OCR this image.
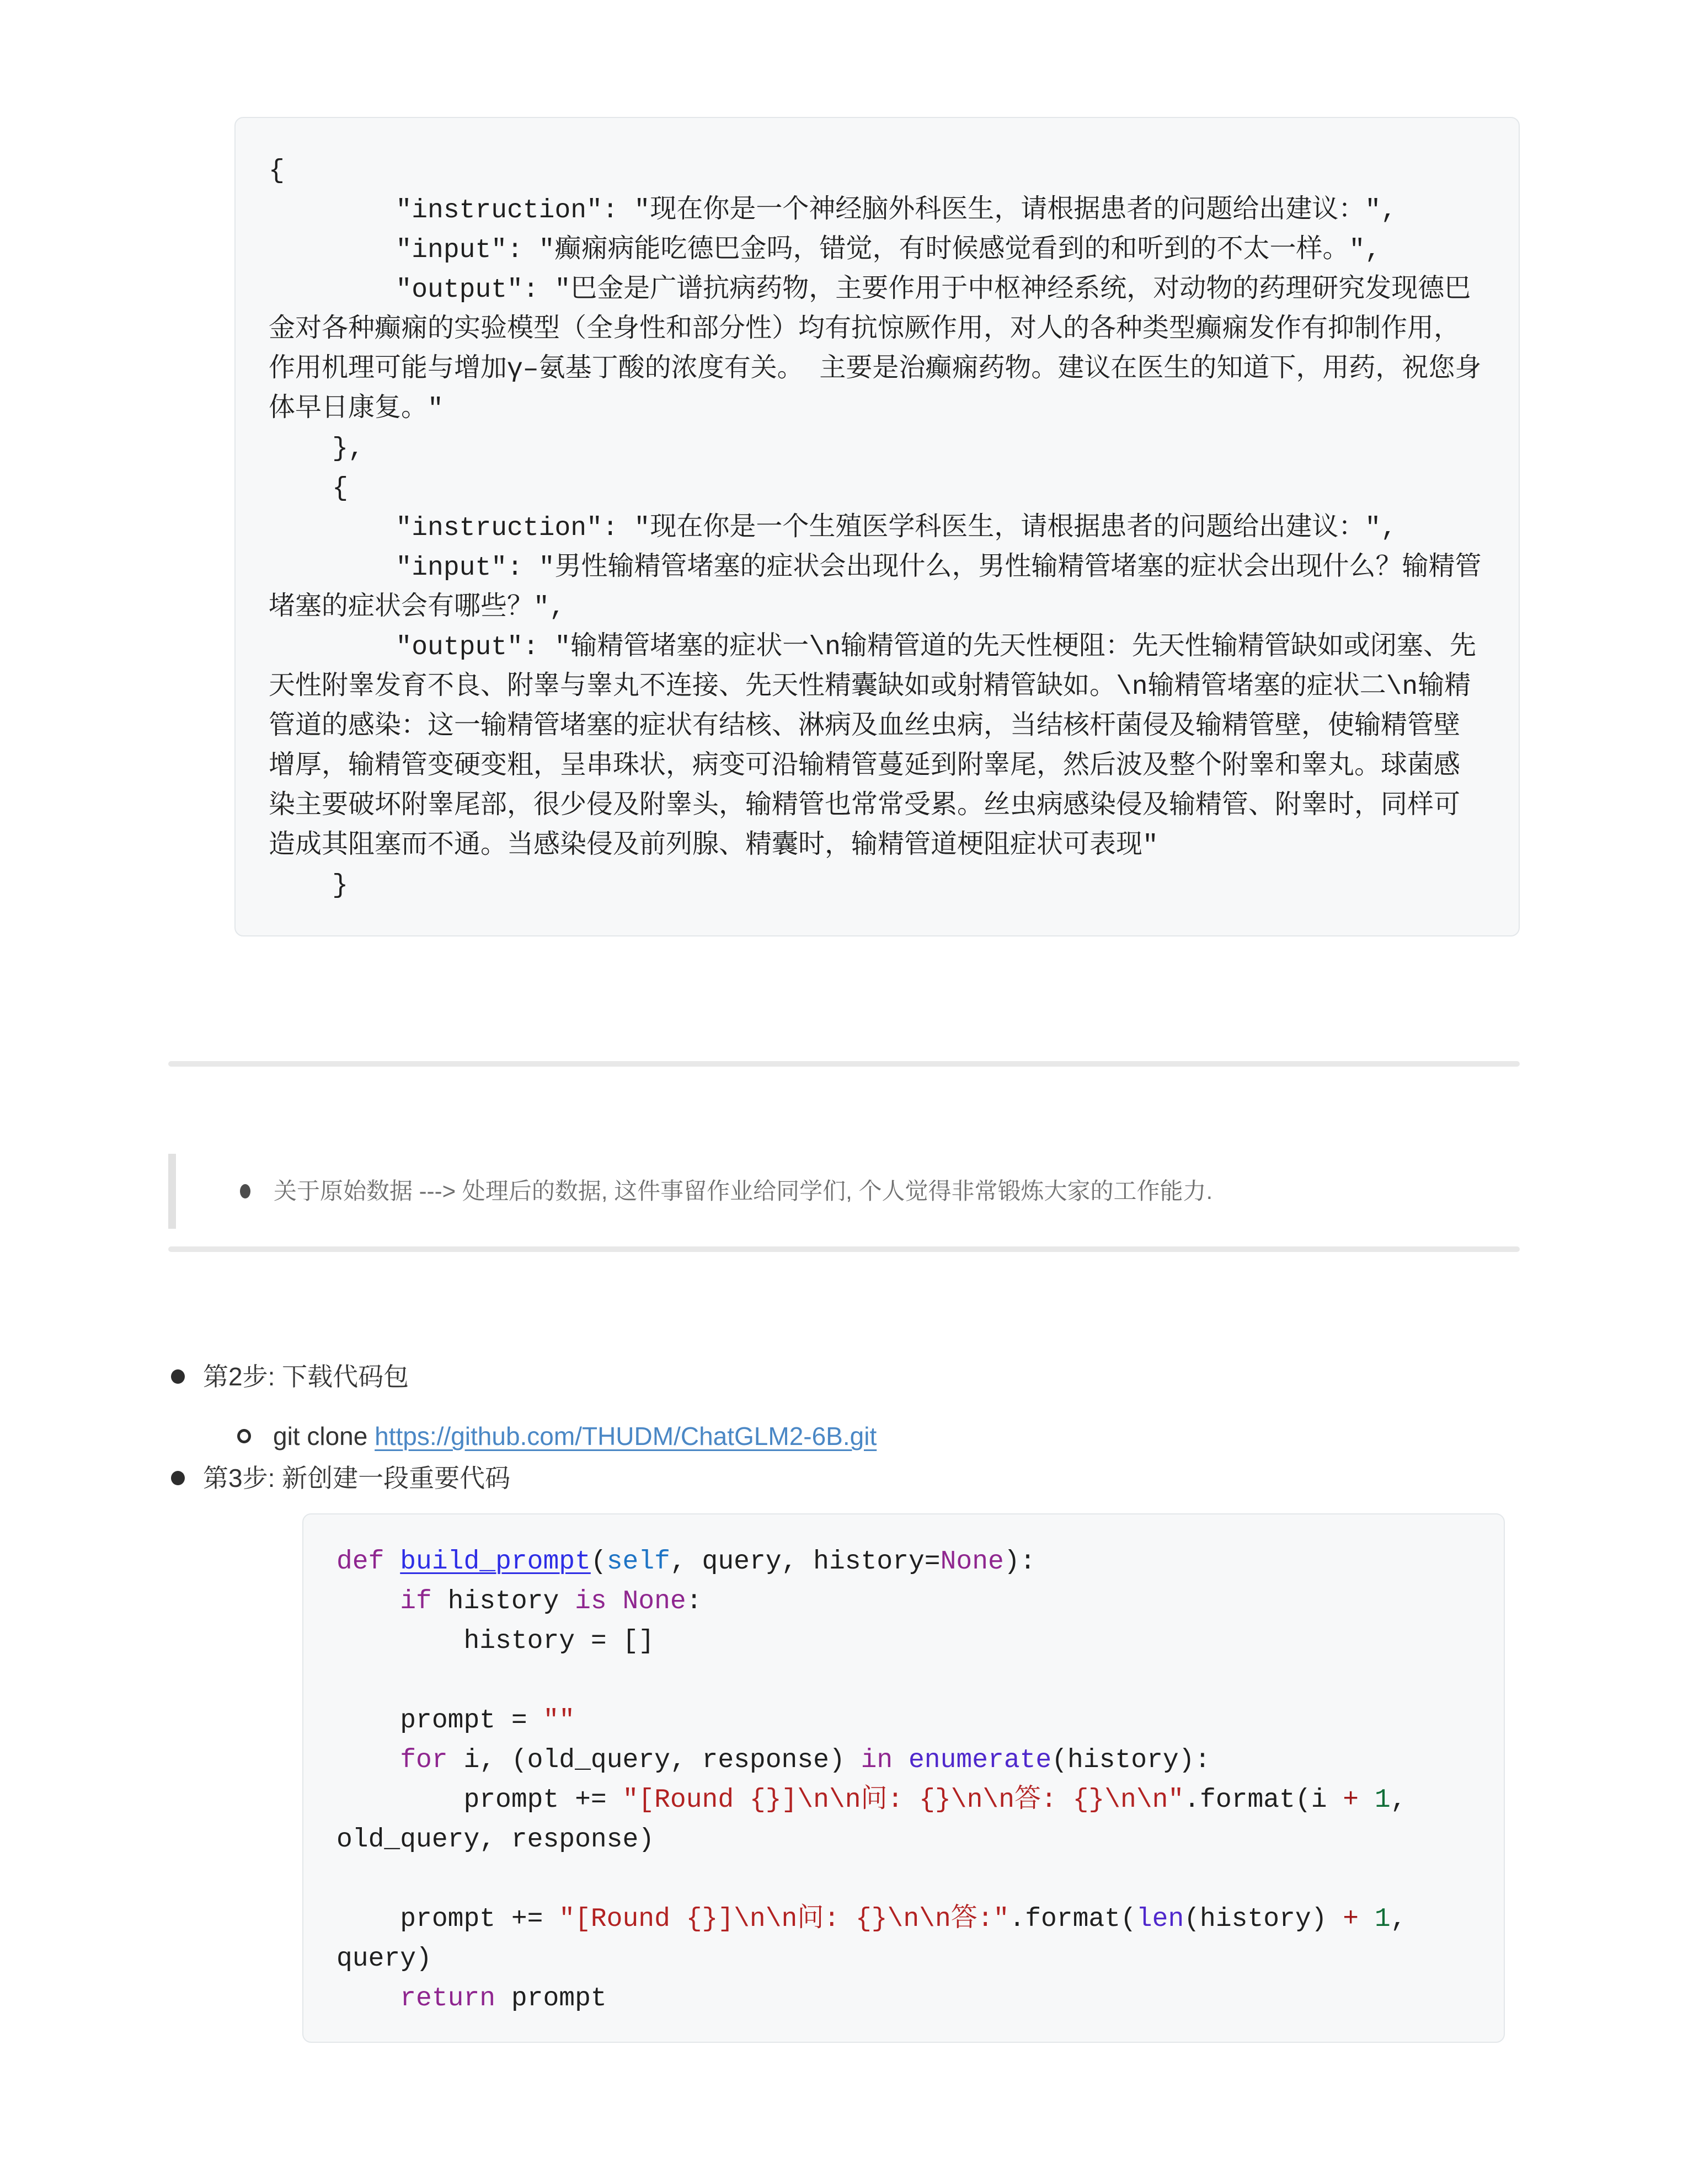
{
"instruction": "现在你是一个神经脑外科医生，请根据患者的问题给出建议：",
"input": "癫痫病能吃德巴金吗，错觉，有时候感觉看到的和听到的不太一样。",
"output": "巴金是广谱抗病药物，主要作用于中枢神经系统，对动物的药理研究发现德巴金对各种癫痫的实验模型（全身性和部分性）均有抗惊厥作用，对人的各种类型癫痫发作有抑制作用，作用机理可能与增加γ–氨基丁酸的浓度有关。 主要是治癫痫药物。建议在医生的知道下，用药，祝您身体早日康复。"
},
{
"instruction": "现在你是一个生殖医学科医生，请根据患者的问题给出建议：",
"input": "男性输精管堵塞的症状会出现什么，男性输精管堵塞的症状会出现什么？输精管堵塞的症状会有哪些？",
"output": "输精管堵塞的症状一\n输精管道的先天性梗阻：先天性输精管缺如或闭塞、先天性附睾发育不良、附睾与睾丸不连接、先天性精囊缺如或射精管缺如。\n输精管堵塞的症状二\n输精管道的感染：这一输精管堵塞的症状有结核、淋病及血丝虫病，当结核杆菌侵及输精管壁，使输精管壁增厚，输精管变硬变粗，呈串珠状，病变可沿输精管蔓延到附睾尾，然后波及整个附睾和睾丸。球菌感染主要破坏附睾尾部，很少侵及附睾头，输精管也常常受累。丝虫病感染侵及输精管、附睾时，同样可造成其阻塞而不通。当感染侵及前列腺、精囊时，输精管道梗阻症状可表现"
}
关于原始数据 ---> 处理后的数据, 这件事留作业给同学们, 个人觉得非常锻炼大家的工作能力.
第2步: 下载代码包
git clone https://github.com/THUDM/ChatGLM2-6B.git
第3步: 新创建一段重要代码
def build_prompt(self, query, history=None):
if history is None:
history = []
prompt = ""
for i, (old_query, response) in enumerate(history):
prompt += "[Round {}]\n\n问: {}\n\n答: {}\n\n".format(i + 1, old_query, response)
prompt += "[Round {}]\n\n问: {}\n\n答:".format(len(history) + 1, query)
return prompt
